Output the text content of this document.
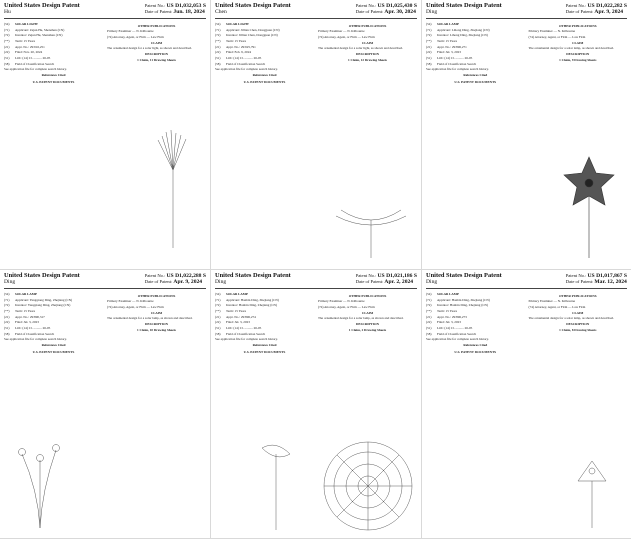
United States Design Patent
Hu
Patent No.: US D1,032,053 S
Date of Patent: Jun. 18, 2024

(54)	SOLAR LIGHT

(71)	Applicant: Zejun Hu, Shenzhen (CN)

(72)	Inventor: Zejun Hu, Shenzhen (CN)

(**)	Term: 15 Years

(21)	Appl. No.: 29/916,251

(22)	Filed: Nov. 20, 2024

(51)	LOC (14) Cl. .......... 26-05

(58)	Field of Classification Search

See application file for complete search history.

References Cited
U.S. PATENT DOCUMENTS
OTHER PUBLICATIONS

Primary Examiner — N. Kilbourne

(74) Attorney, Agent, or Firm — Law Firm

CLAIM

The ornamental design for a solar light, as shown and described.

DESCRIPTION
1 Claim, 11 Drawing Sheets
United States Design Patent
Chen
Patent No.: US D1,025,430 S
Date of Patent: Apr. 30, 2024

(54)	SOLAR LIGHT

(71)	Applicant: Jillian Chen, Dongguan (CN)

(72)	Inventor: Jillian Chen, Dongguan (CN)

(**)	Term: 15 Years

(21)	Appl. No.: 29/925,791

(22)	Filed: Feb. 9, 2024

(51)	LOC (14) Cl. .......... 26-05

(58)	Field of Classification Search

See application file for complete search history.

References Cited
U.S. PATENT DOCUMENTS
OTHER PUBLICATIONS

Primary Examiner — N. Kilbourne

(74) Attorney, Agent, or Firm — Law Firm

CLAIM

The ornamental design for a solar light, as shown and described.

DESCRIPTION
1 Claim, 12 Drawing Sheets
United States Design Patent
Ding
Patent No.: US D1,022,282 S
Date of Patent: Apr. 9, 2024

(54)	SOLAR LAMP

(71)	Applicant: Lihong Ding, Zhejiang (CN)

(72)	Inventor: Lihong Ding, Zhejiang (CN)

(**)	Term: 15 Years

(21)	Appl. No.: 29/896,271

(22)	Filed: Jul. 3, 2023

(51)	LOC (14) Cl. .......... 26-05

(58)	Field of Classification Search

See application file for complete search history.

References Cited
U.S. PATENT DOCUMENTS
OTHER PUBLICATIONS

Primary Examiner — N. Kilbourne

(74) Attorney, Agent, or Firm — Law Firm

CLAIM

The ornamental design for a solar lamp, as shown and described.

DESCRIPTION
1 Claim, 9 Drawing Sheets
United States Design Patent
Ding
Patent No.: US D1,022,288 S
Date of Patent: Apr. 9, 2024

(54)	SOLAR LAMP

(71)	Applicant: Yangqiang Ding, Zhejiang (CN)

(72)	Inventor: Yangqiang Ding, Zhejiang (CN)

(**)	Term: 15 Years

(21)	Appl. No.: 29/890,317

(22)	Filed: Jul. 3, 2023

(51)	LOC (14) Cl. .......... 26-05

(58)	Field of Classification Search

See application file for complete search history.

References Cited
U.S. PATENT DOCUMENTS
OTHER PUBLICATIONS

Primary Examiner — N. Kilbourne

(74) Attorney, Agent, or Firm — Law Firm

CLAIM

The ornamental design for a solar lamp, as shown and described.

DESCRIPTION
1 Claim, 10 Drawing Sheets
United States Design Patent
Ding
Patent No.: US D1,021,186 S
Date of Patent: Apr. 2, 2024

(54)	SOLAR LAMP

(71)	Applicant: Hanbin Ding, Zhejiang (CN)

(72)	Inventor: Hanbin Ding, Zhejiang (CN)

(**)	Term: 15 Years

(21)	Appl. No.: 29/896,274

(22)	Filed: Jul. 3, 2023

(51)	LOC (14) Cl. .......... 26-05

(58)	Field of Classification Search

See application file for complete search history.

References Cited
U.S. PATENT DOCUMENTS
OTHER PUBLICATIONS

Primary Examiner — N. Kilbourne

(74) Attorney, Agent, or Firm — Law Firm

CLAIM

The ornamental design for a solar lamp, as shown and described.

DESCRIPTION
1 Claim, 2 Drawing Sheets
United States Design Patent
Ding
Patent No.: US D1,017,867 S
Date of Patent: Mar. 12, 2024

(54)	SOLAR LAMP

(71)	Applicant: Hanbin Ding, Zhejiang (CN)

(72)	Inventor: Hanbin Ding, Zhejiang (CN)

(**)	Term: 15 Years

(21)	Appl. No.: 29/896,273

(22)	Filed: Jul. 3, 2023

(51)	LOC (14) Cl. .......... 26-05

(58)	Field of Classification Search

See application file for complete search history.

References Cited
U.S. PATENT DOCUMENTS
OTHER PUBLICATIONS

Primary Examiner — N. Kilbourne

(74) Attorney, Agent, or Firm — Law Firm

CLAIM

The ornamental design for a solar lamp, as shown and described.

DESCRIPTION
1 Claim, 8 Drawing Sheets
